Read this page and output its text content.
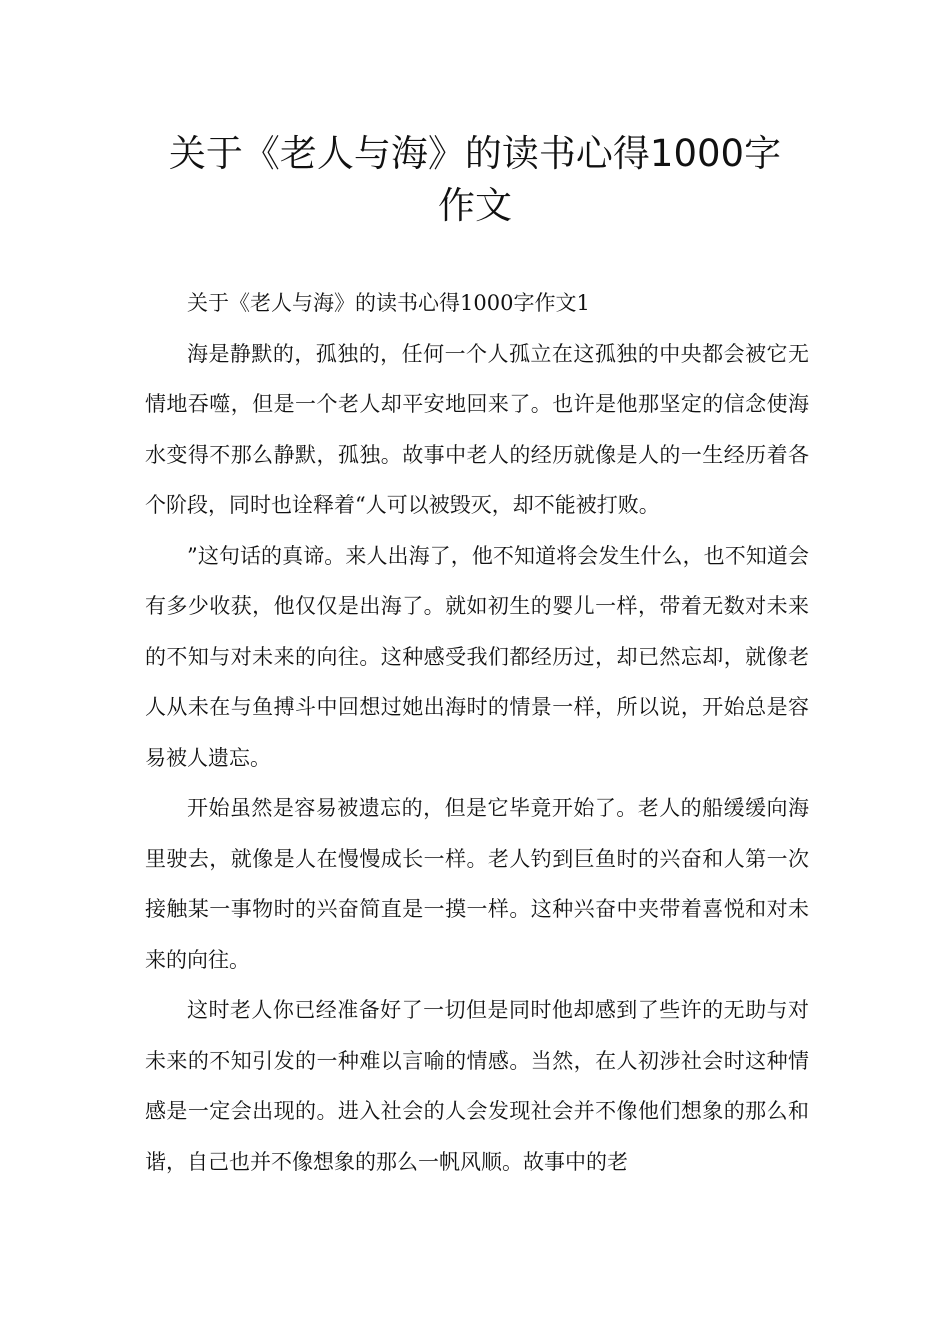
关于《老人与海》的读书心得1000字
作文

关于《老人与海》的读书心得1000字作文1

海是静默的，孤独的，任何一个人孤立在这孤独的中央都会被它无情地吞噬，但是一个老人却平安地回来了。也许是他那坚定的信念使海水变得不那么静默，孤独。故事中老人的经历就像是人的一生经历着各个阶段，同时也诠释着“人可以被毁灭，却不能被打败。

”这句话的真谛。来人出海了，他不知道将会发生什么，也不知道会有多少收获，他仅仅是出海了。就如初生的婴儿一样，带着无数对未来的不知与对未来的向往。这种感受我们都经历过，却已然忘却，就像老人从未在与鱼搏斗中回想过她出海时的情景一样，所以说，开始总是容易被人遗忘。

开始虽然是容易被遗忘的，但是它毕竟开始了。老人的船缓缓向海里驶去，就像是人在慢慢成长一样。老人钓到巨鱼时的兴奋和人第一次接触某一事物时的兴奋简直是一摸一样。这种兴奋中夹带着喜悦和对未来的向往。

这时老人你已经准备好了一切但是同时他却感到了些许的无助与对未来的不知引发的一种难以言喻的情感。当然，在人初涉社会时这种情感是一定会出现的。进入社会的人会发现社会并不像他们想象的那么和谐，自己也并不像想象的那么一帆风顺。故事中的老
